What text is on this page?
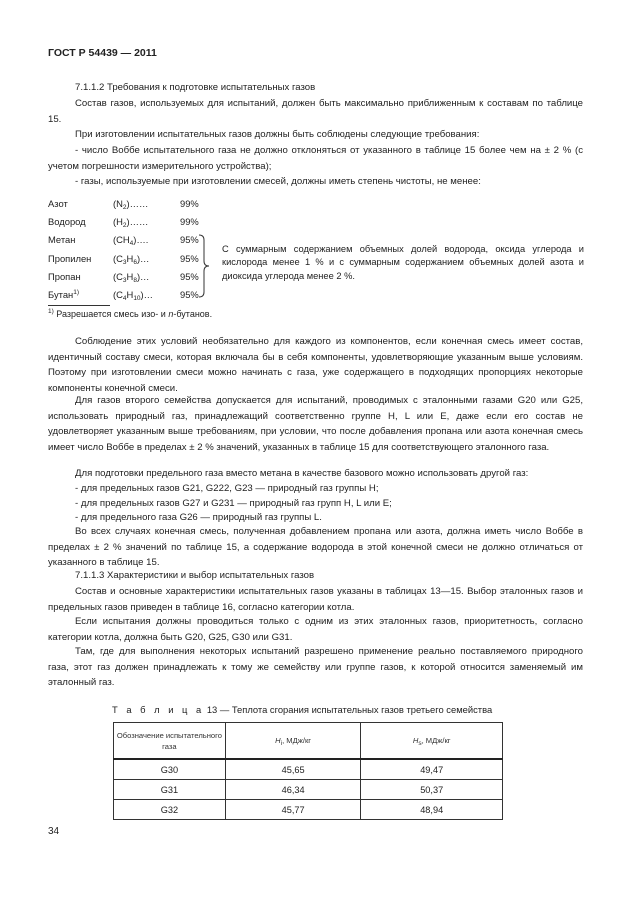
ГОСТ Р 54439 — 2011

7.1.1.2 Требования к подготовке испытательных газов

Состав газов, используемых для испытаний, должен быть максимально приближенным к составам по таблице 15.

При изготовлении испытательных газов должны быть соблюдены следующие требования:

- число Воббе испытательного газа не должно отклоняться от указанного в таблице 15 более чем на ± 2 % (с учетом погрешности измерительного устройства);

- газы, используемые при изготовлении смесей, должны иметь степень чистоты, не менее:

Азот	$(N_2)\dots\dots$	99%
Водород	$(H_2)\dots\dots$	99%
Метан	$(CH_4)\dots$.	95%
Пропилен $(C_3H_6)\dots$	95%
Пропан	$(C_3H_8)\dots$	95%
Бутан$^{1)}$	$(C_4H_{10})\dots$	95%
С суммарным содержанием объемных долей водорода, оксида углерода и кислорода менее 1 % и с суммарным содержанием объемных долей азота и диоксида углерода менее 2 %.
$^{1)}$ Разрешается смесь изо- и n-бутанов.

Соблюдение этих условий необязательно для каждого из компонентов, если конечная смесь имеет состав, идентичный составу смеси, которая включала бы в себя компоненты, удовлетворяющие указанным выше условиям. Поэтому при изготовлении смеси можно начинать с газа, уже содержащего в подходящих пропорциях некоторые компоненты конечной смеси.

Для газов второго семейства допускается для испытаний, проводимых с эталонными газами G20 или G25, использовать природный газ, принадлежащий соответственно группе H, L или E, даже если его состав не удовлетворяет указанным выше требованиям, при условии, что после добавления пропана или азота конечная смесь имеет число Воббе в пределах ± 2 % значений, указанных в таблице 15 для соответствующего эталонного газа.

Для подготовки предельного газа вместо метана в качестве базового можно использовать другой газ:

- для предельных газов G21, G222, G23 — природный газ группы H;

- для предельных газов G27 и G231 — природный газ групп H, L или E;

- для предельного газа G26 — природный газ группы L.

Во всех случаях конечная смесь, полученная добавлением пропана или азота, должна иметь число Воббе в пределах ± 2 % значений по таблице 15, а содержание водорода в этой конечной смеси не должно отличаться от указанного в таблице 15.

7.1.1.3 Характеристики и выбор испытательных газов

Состав и основные характеристики испытательных газов указаны в таблицах 13—15. Выбор эталонных газов и предельных газов приведен в таблице 16, согласно категории котла.

Если испытания должны проводиться только с одним из этих эталонных газов, приоритетность, согласно категории котла, должна быть G20, G25, G30 или G31.

Там, где для выполнения некоторых испытаний разрешено применение реально поставляемого природного газа, этот газ должен принадлежать к тому же семейству или группе газов, к которой относится заменяемый им эталонный газ.

Т а б л и ц а 13 — Теплота сгорания испытательных газов третьего семейства
Обозначение испытательного газа	$H_i$, МДж/кг	$H_s$, МДж/кг
G30	45,65	49,47
G31	46,34	50,37
G32	45,77	48,94
34
